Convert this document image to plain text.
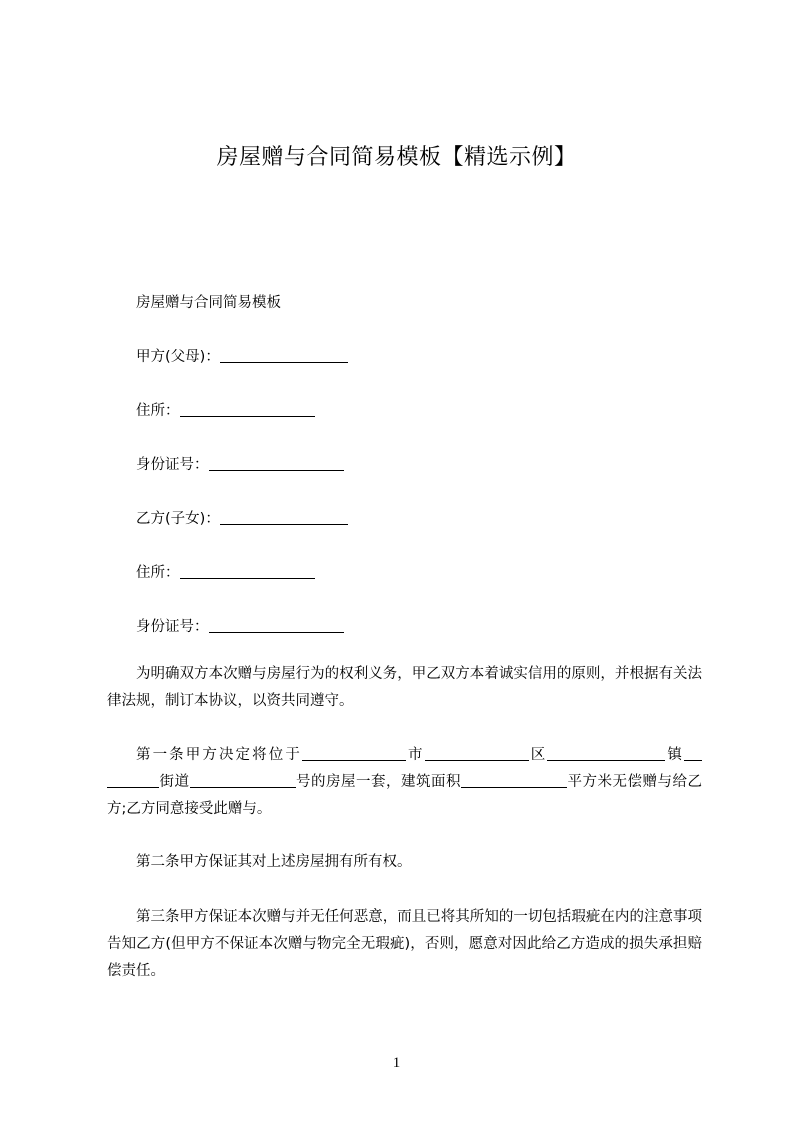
房屋赠与合同简易模板【精选示例】
房屋赠与合同简易模板
甲方(父母)：
住所：
身份证号：
乙方(子女)：
住所：
身份证号：
为明确双方本次赠与房屋行为的权利义务，甲乙双方本着诚实信用的原则，并根据有关法律法规，制订本协议，以资共同遵守。
第一条甲方决定将位于	市	区	镇街道	号的房屋一套，建筑面积	平方米无偿赠与给乙方;乙方同意接受此赠与。
第二条甲方保证其对上述房屋拥有所有权。
第三条甲方保证本次赠与并无任何恶意，而且已将其所知的一切包括瑕疵在内的注意事项告知乙方(但甲方不保证本次赠与物完全无瑕疵)，否则，愿意对因此给乙方造成的损失承担赔偿责任。
1
